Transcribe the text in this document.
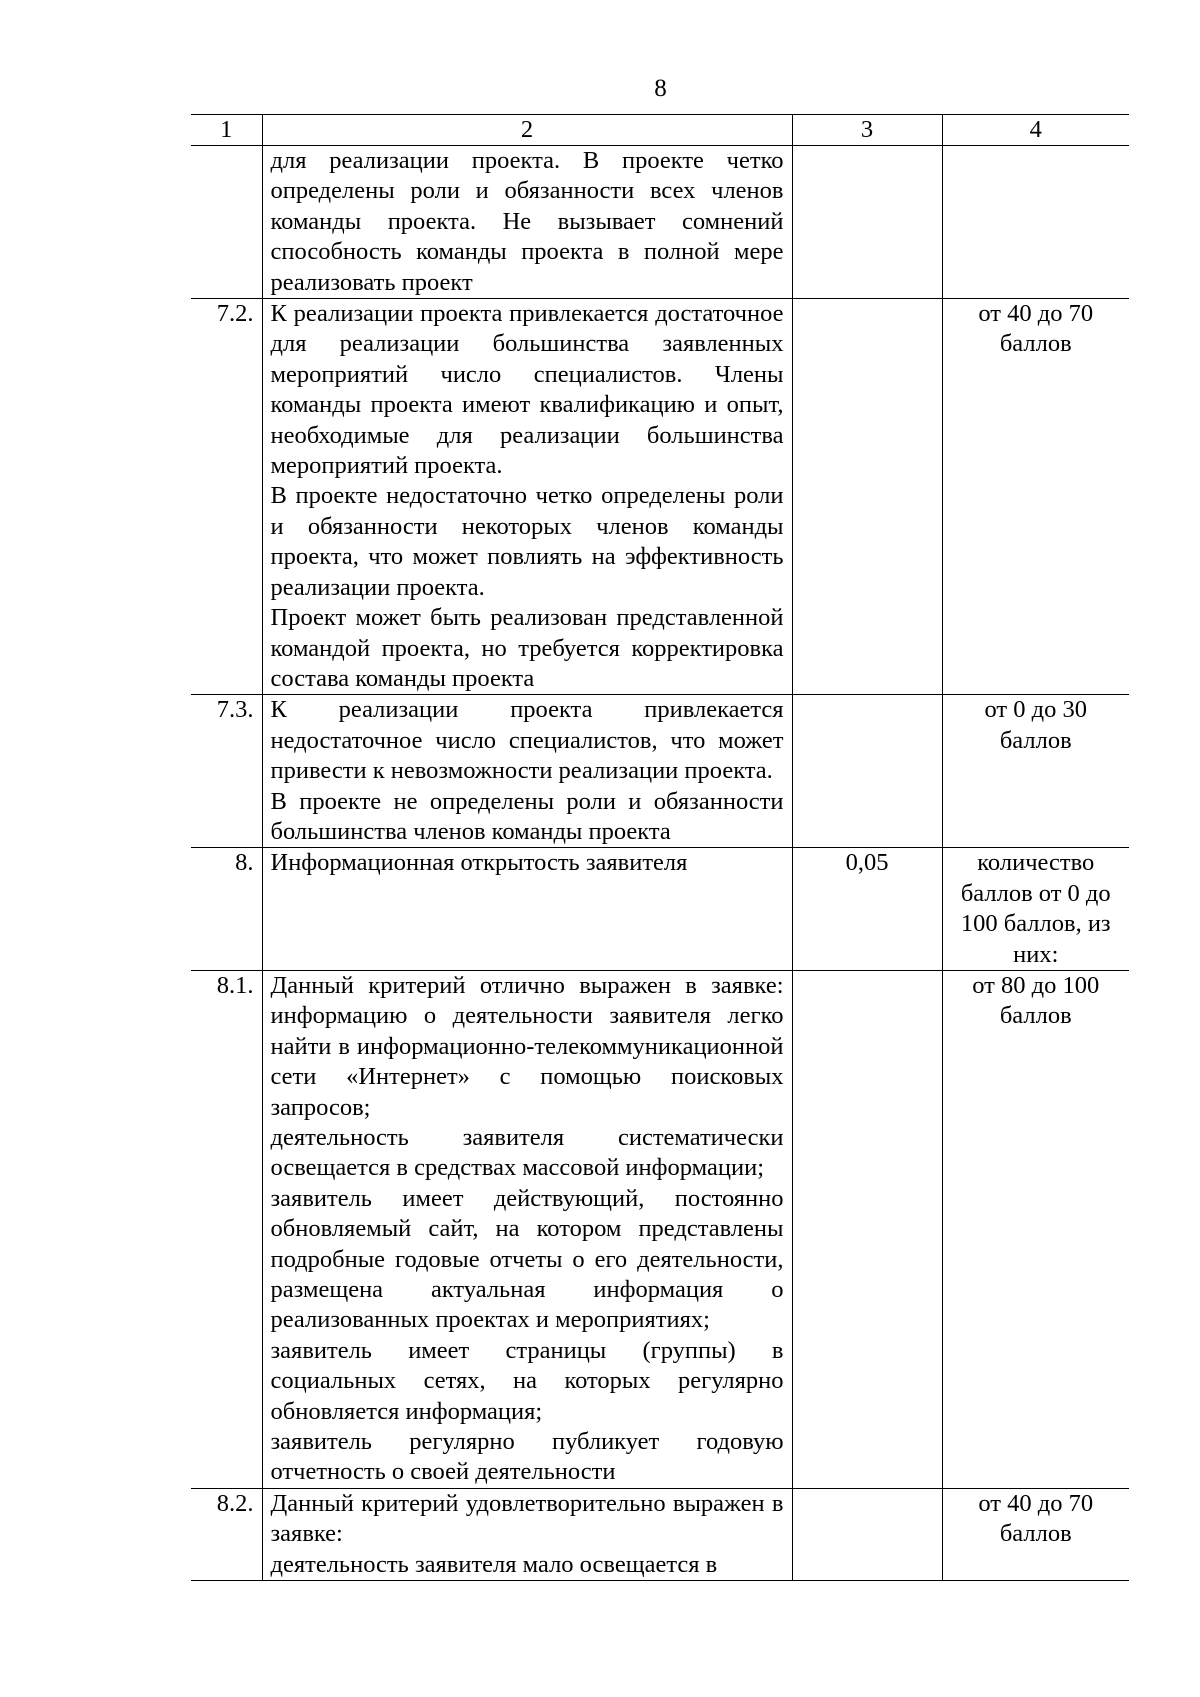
8
1	2	3	4

	для реализации проекта. В проекте четко определены роли и обязанности всех членов команды проекта. Не вызывает сомнений способность команды проекта в полной мере реализовать проект		

7.2.	К реализации проекта привлекается достаточное для реализации большинства заявленных мероприятий число специалистов. Члены команды проекта имеют квалификацию и опыт, необходимые для реализации большинства мероприятий проекта.

В проекте недостаточно четко определены роли и обязанности некоторых членов команды проекта, что может повлиять на эффективность реализации проекта.

Проект может быть реализован представленной командой проекта, но требуется корректировка состава команды проекта		от 40 до 70 баллов
7.3.	К реализации проекта привлекается недостаточное число специалистов, что может привести к невозможности реализации проекта.

В проекте не определены роли и обязанности большинства членов команды проекта		от 0 до 30 баллов
8.	Информационная открытость заявителя	0,05	количество баллов от 0 до 100 баллов, из них:
8.1.	Данный критерий отлично выражен в заявке: информацию о деятельности заявителя легко найти в информационно-телекоммуникационной сети «Интернет» с помощью поисковых запросов;

деятельность заявителя систематически освещается в средствах массовой информации;

заявитель имеет действующий, постоянно обновляемый сайт, на котором представлены подробные годовые отчеты о его деятельности, размещена актуальная информация о реализованных проектах и мероприятиях;

заявитель имеет страницы (группы) в социальных сетях, на которых регулярно обновляется информация;

заявитель регулярно публикует годовую отчетность о своей деятельности		от 80 до 100 баллов
8.2.	Данный критерий удовлетворительно выражен в заявке:

деятельность заявителя мало освещается в		от 40 до 70 баллов
